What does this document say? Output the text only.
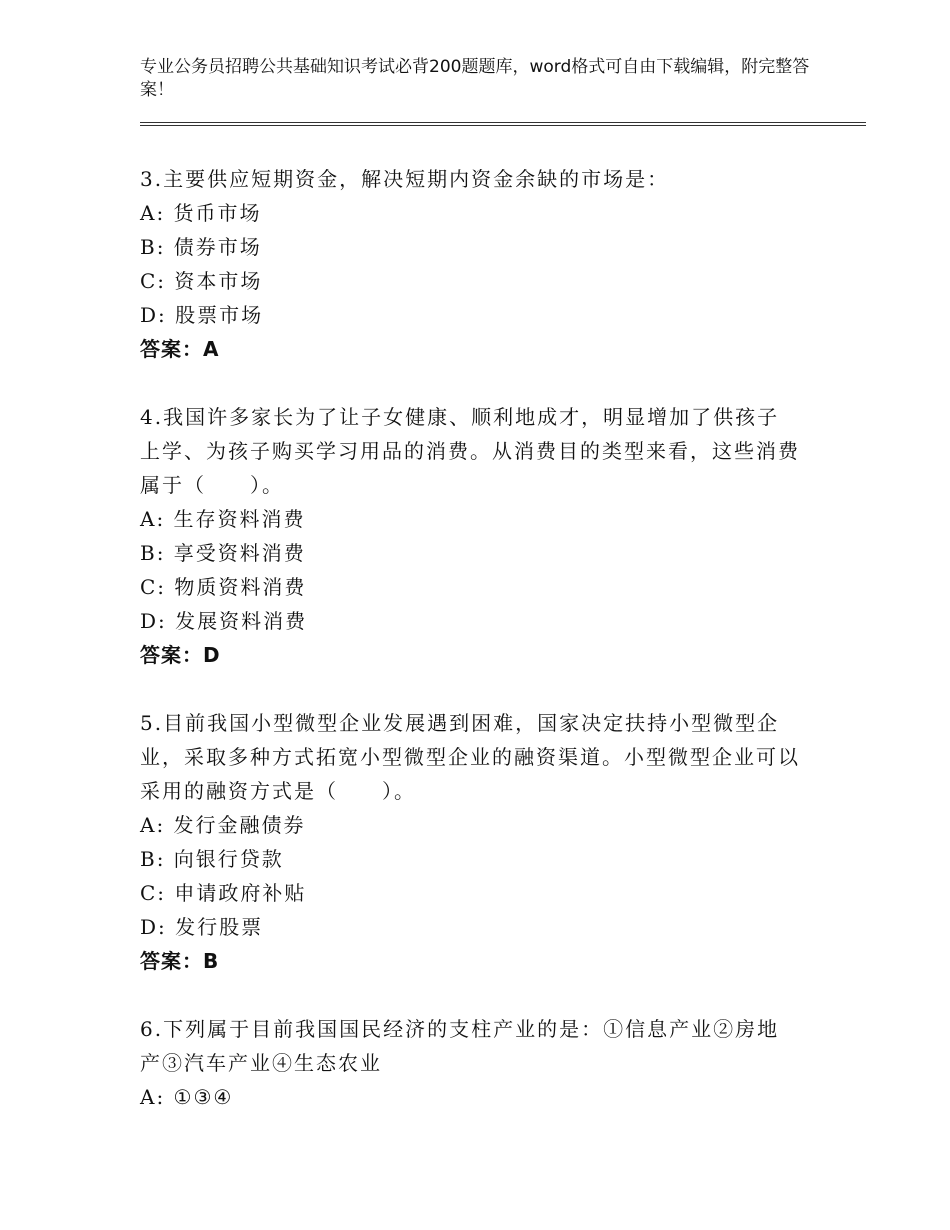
专业公务员招聘公共基础知识考试必背200题题库，word格式可自由下载编辑，附完整答案！

3.主要供应短期资金，解决短期内资金余缺的市场是：

A: 货币市场

B: 债券市场

C: 资本市场

D: 股票市场

答案：A

4.我国许多家长为了让子女健康、顺利地成才，明显增加了供孩子上学、为孩子购买学习用品的消费。从消费目的类型来看，这些消费属于（　　）。

A: 生存资料消费

B: 享受资料消费

C: 物质资料消费

D: 发展资料消费

答案：D

5.目前我国小型微型企业发展遇到困难，国家决定扶持小型微型企业，采取多种方式拓宽小型微型企业的融资渠道。小型微型企业可以采用的融资方式是（　　）。

A: 发行金融债券

B: 向银行贷款

C: 申请政府补贴

D: 发行股票

答案：B

6.下列属于目前我国国民经济的支柱产业的是：①信息产业②房地产③汽车产业④生态农业

A: ①③④
